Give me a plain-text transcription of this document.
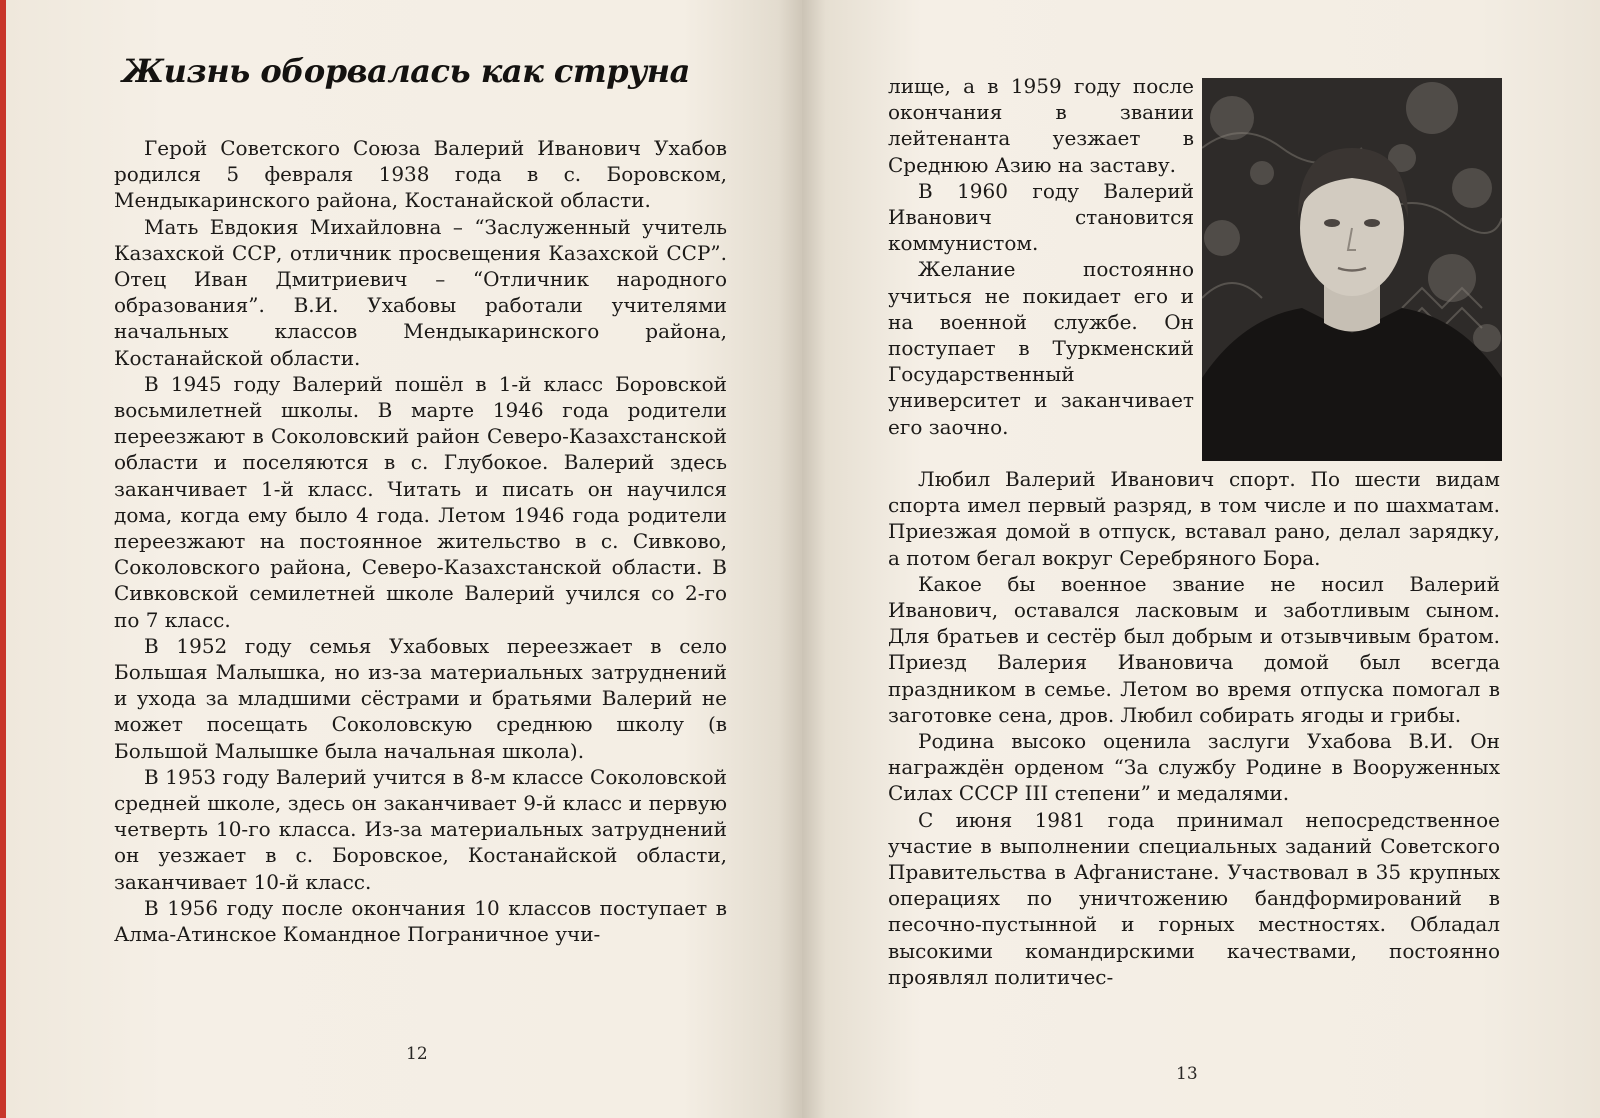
Жизнь оборвалась как струна

Герой Советского Союза Валерий Иванович Ухабов родился 5 февраля 1938 года в с. Боровском, Мендыкаринского района, Костанайской области.

Мать Евдокия Михайловна – “Заслуженный учитель Казахской ССР, отличник просвещения Казахской ССР”. Отец Иван Дмитриевич – “Отличник народного образования”. В.И. Ухабовы работали учителями начальных классов Мендыкаринского района, Костанайской области.

В 1945 году Валерий пошёл в 1-й класс Боровской восьмилетней школы. В марте 1946 года родители переезжают в Соколовский район Северо-Казахстанской области и поселяются в с. Глубокое. Валерий здесь заканчивает 1-й класс. Читать и писать он научился дома, когда ему было 4 года. Летом 1946 года родители переезжают на постоянное жительство в с. Сивково, Соколовского района, Северо-Казахстанской области. В Сивковской семилетней школе Валерий учился со 2-го по 7 класс.

В 1952 году семья Ухабовых переезжает в село Большая Малышка, но из-за материальных затруднений и ухода за младшими сёстрами и братьями Валерий не может посещать Соколовскую среднюю школу (в Большой Малышке была начальная школа).

В 1953 году Валерий учится в 8-м классе Соколовской средней школе, здесь он заканчивает 9-й класс и первую четверть 10-го класса. Из-за материальных затруднений он уезжает в с. Боровское, Костанайской области, заканчивает 10-й класс.

В 1956 году после окончания 10 классов поступает в Алма-Атинское Командное Пограничное учи-

12

лище, а в 1959 году после окончания в звании лейтенанта уезжает в Среднюю Азию на заставу.

В 1960 году Валерий Иванович становится коммунистом.

Желание постоянно учиться не покидает его и на военной службе. Он поступает в Туркменский Государственный университет и заканчивает его заочно.

Любил Валерий Иванович спорт. По шести видам спорта имел первый разряд, в том числе и по шахматам. Приезжая домой в отпуск, вставал рано, делал зарядку, а потом бегал вокруг Серебряного Бора.

Какое бы военное звание не носил Валерий Иванович, оставался ласковым и заботливым сыном. Для братьев и сестёр был добрым и отзывчивым братом. Приезд Валерия Ивановича домой был всегда праздником в семье. Летом во время отпуска помогал в заготовке сена, дров. Любил собирать ягоды и грибы.

Родина высоко оценила заслуги Ухабова В.И. Он награждён орденом “За службу Родине в Вооруженных Силах СССР III степени” и медалями.

С июня 1981 года принимал непосредственное участие в выполнении специальных заданий Советского Правительства в Афганистане. Участвовал в 35 крупных операциях по уничтожению бандформирований в песочно-пустынной и горных местностях. Обладал высокими командирскими качествами, постоянно проявлял политичес-

13
